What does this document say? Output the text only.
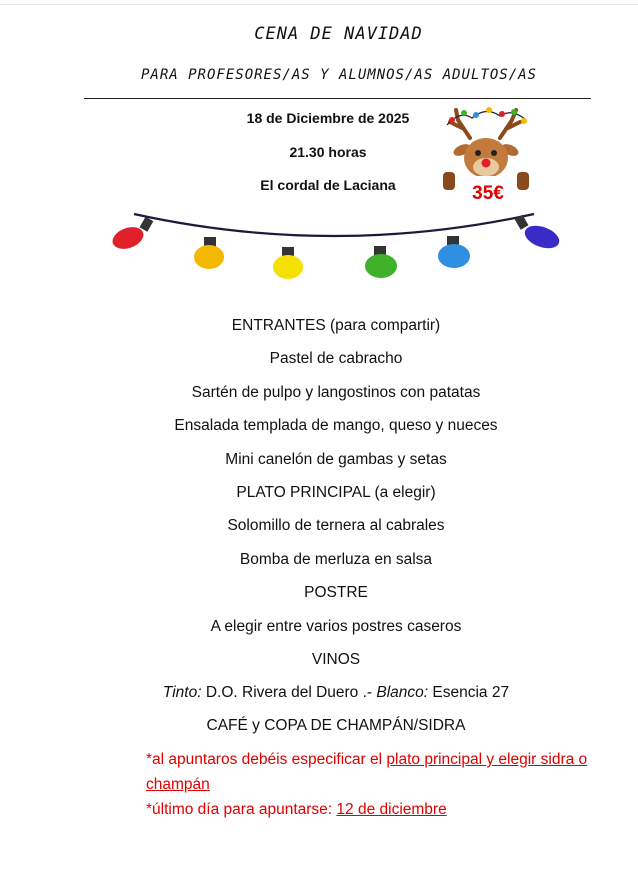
CENA DE NAVIDAD
PARA PROFESORES/AS Y ALUMNOS/AS ADULTOS/AS
18 de Diciembre de 2025
21.30 horas
El cordal de Laciana	35€
ENTRANTES (para compartir)
Pastel de cabracho
Sartén de pulpo y langostinos con patatas
Ensalada templada de mango, queso y nueces
Mini canelón de gambas y setas
PLATO PRINCIPAL (a elegir)
Solomillo de ternera al cabrales
Bomba de merluza en salsa
POSTRE
A elegir entre varios postres caseros
VINOS
Tinto: D.O. Rivera del Duero .- Blanco: Esencia 27
CAFÉ y COPA DE CHAMPÁN/SIDRA
*al apuntaros debéis especificar el plato principal y elegir sidra o champán
*último día para apuntarse: 12 de diciembre
